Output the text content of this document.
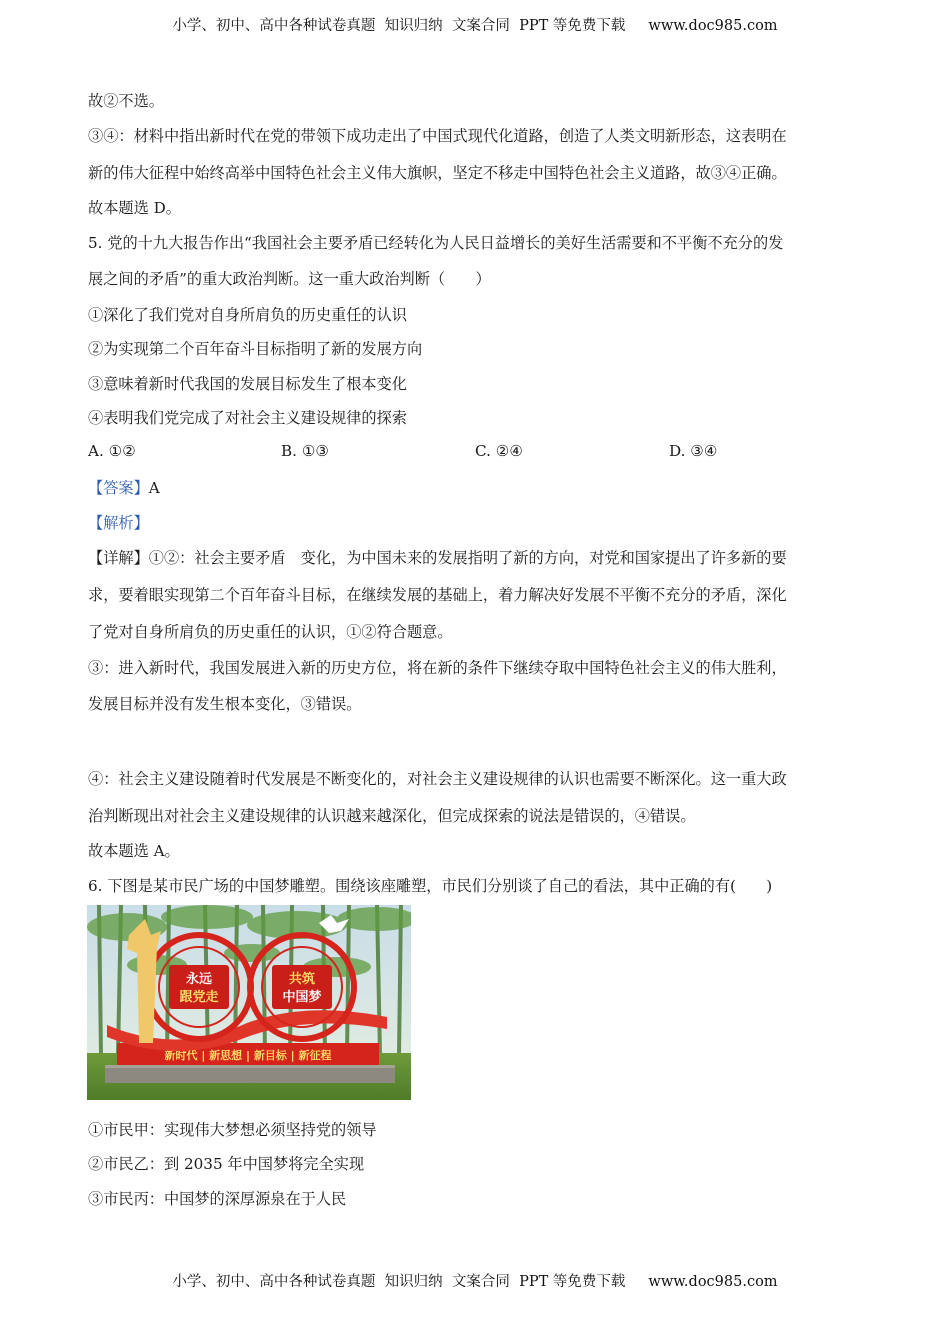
小学、初中、高中各种试卷真题  知识归纳  文案合同  PPT 等免费下载     www.doc985.com
故②不选。
③④：材料中指出新时代在党的带领下成功走出了中国式现代化道路，创造了人类文明新形态，这表明在
新的伟大征程中始终高举中国特色社会主义伟大旗帜，坚定不移走中国特色社会主义道路，故③④正确。
故本题选 D。
5. 党的十九大报告作出“我国社会主要矛盾已经转化为人民日益增长的美好生活需要和不平衡不充分的发
展之间的矛盾”的重大政治判断。这一重大政治判断（　　）
①深化了我们党对自身所肩负的历史重任的认识
②为实现第二个百年奋斗目标指明了新的发展方向
③意味着新时代我国的发展目标发生了根本变化
④表明我们党完成了对社会主义建设规律的探索
A. ①②	B. ①③	C. ②④	D. ③④
【答案】A
【解析】
【详解】①②：社会主要矛盾　变化，为中国未来的发展指明了新的方向，对党和国家提出了许多新的要
求，要着眼实现第二个百年奋斗目标，在继续发展的基础上，着力解决好发展不平衡不充分的矛盾，深化
了党对自身所肩负的历史重任的认识，①②符合题意。
③：进入新时代，我国发展进入新的历史方位，将在新的条件下继续夺取中国特色社会主义的伟大胜利，
发展目标并没有发生根本变化，③错误。
④：社会主义建设随着时代发展是不断变化的，对社会主义建设规律的认识也需要不断深化。这一重大政
治判断现出对社会主义建设规律的认识越来越深化，但完成探索的说法是错误的，④错误。
故本题选 A。
6. 下图是某市民广场的中国梦雕塑。围绕该座雕塑，市民们分别谈了自己的看法，其中正确的有(　　)
新时代 | 新思想 | 新目标 | 新征程
永远
跟党走
共筑
中国梦
①市民甲：实现伟大梦想必须坚持党的领导
②市民乙：到 2035 年中国梦将完全实现
③市民丙：中国梦的深厚源泉在于人民
小学、初中、高中各种试卷真题  知识归纳  文案合同  PPT 等免费下载     www.doc985.com
